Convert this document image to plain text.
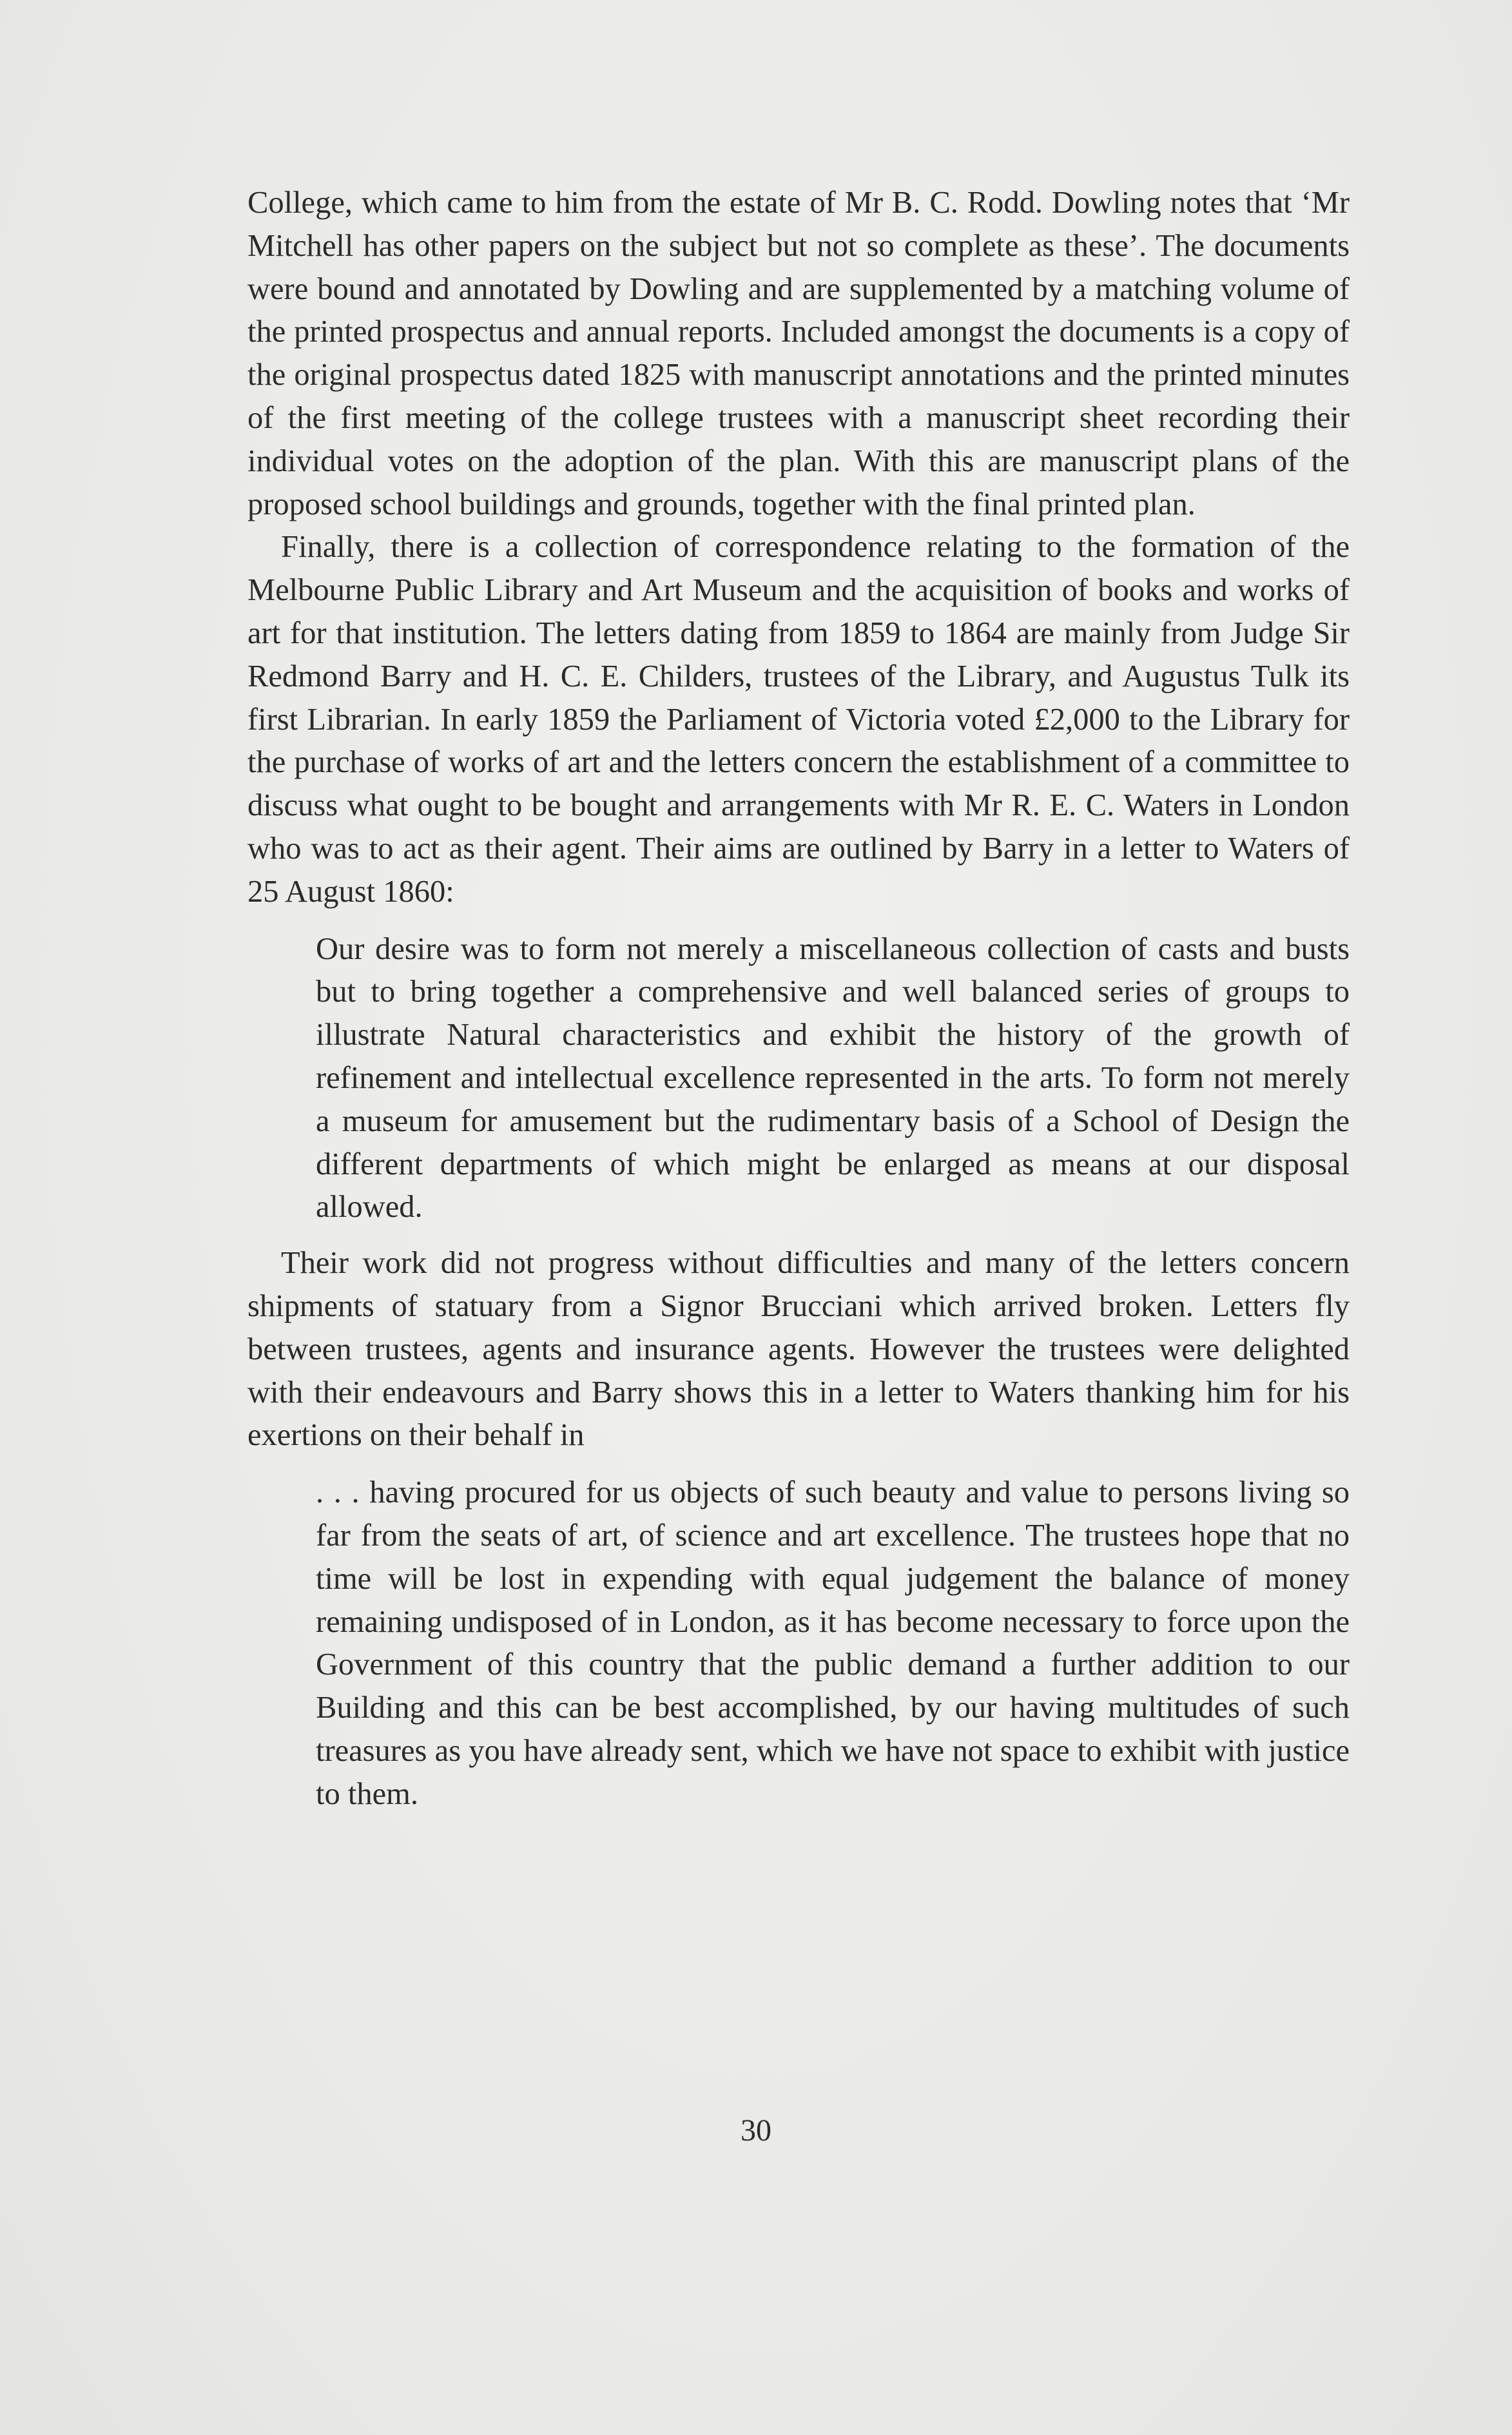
College, which came to him from the estate of Mr B. C. Rodd. Dowling notes that ‘Mr Mitchell has other papers on the subject but not so complete as these’. The documents were bound and annotated by Dowling and are supplemented by a matching volume of the printed prospectus and annual reports. Included amongst the documents is a copy of the original prospectus dated 1825 with manuscript annotations and the printed minutes of the first meeting of the college trustees with a manuscript sheet recording their individual votes on the adoption of the plan. With this are manuscript plans of the proposed school buildings and grounds, together with the final printed plan.

Finally, there is a collection of correspondence relating to the formation of the Melbourne Public Library and Art Museum and the acquisition of books and works of art for that institution. The letters dating from 1859 to 1864 are mainly from Judge Sir Redmond Barry and H. C. E. Childers, trustees of the Library, and Augustus Tulk its first Librarian. In early 1859 the Parliament of Victoria voted £2,000 to the Library for the purchase of works of art and the letters concern the establishment of a committee to discuss what ought to be bought and arrangements with Mr R. E. C. Waters in London who was to act as their agent. Their aims are outlined by Barry in a letter to Waters of 25 August 1860:

Our desire was to form not merely a miscellaneous collection of casts and busts but to bring together a comprehensive and well balanced series of groups to illustrate Natural characteristics and exhibit the history of the growth of refinement and intellectual excellence represented in the arts. To form not merely a museum for amusement but the rudimentary basis of a School of Design the different departments of which might be enlarged as means at our disposal allowed.

Their work did not progress without difficulties and many of the letters concern shipments of statuary from a Signor Brucciani which arrived broken. Letters fly between trustees, agents and insurance agents. However the trustees were delighted with their endeavours and Barry shows this in a letter to Waters thanking him for his exertions on their behalf in

. . . having procured for us objects of such beauty and value to persons living so far from the seats of art, of science and art excellence. The trustees hope that no time will be lost in expending with equal judgement the balance of money remaining undisposed of in London, as it has become necessary to force upon the Government of this country that the public demand a further addition to our Building and this can be best accomplished, by our having multitudes of such treasures as you have already sent, which we have not space to exhibit with justice to them.

30
